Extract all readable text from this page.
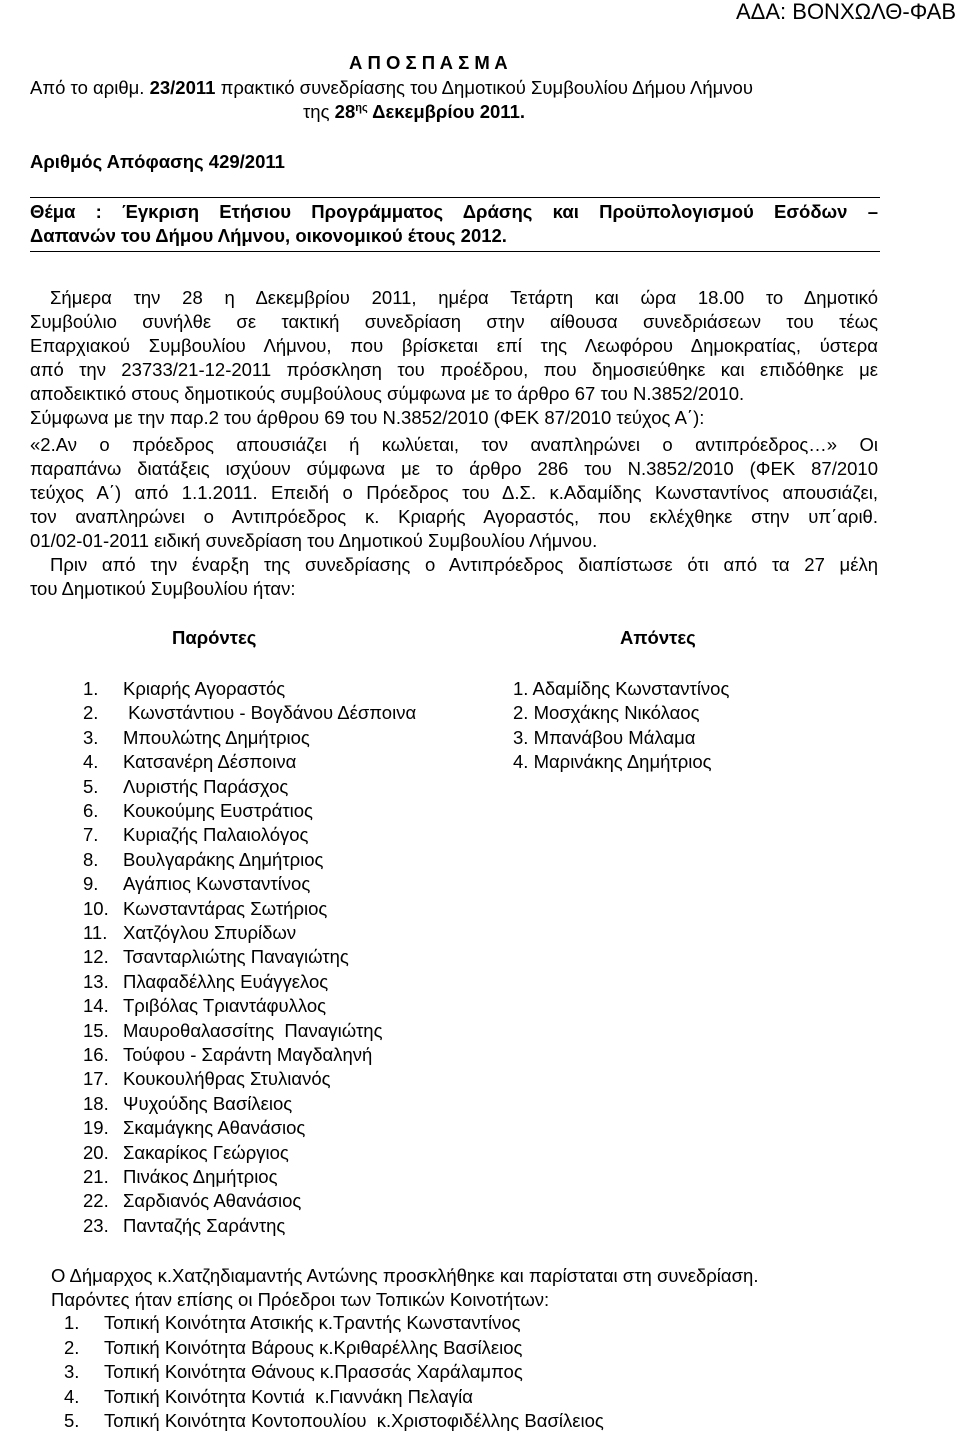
ΑΔΑ: ΒΟΝΧΩΛΘ-ΦΑΒ
Α Π Ο Σ Π Α Σ Μ Α
Από το αριθμ. 23/2011 πρακτικό συνεδρίασης του Δημοτικού Συμβουλίου Δήμου Λήμνου
της $28^{\eta\varsigma}$ Δεκεμβρίου 2011.
Αριθμός Απόφασης 429/2011
Θέμα : Έγκριση Ετήσιου Προγράμματος Δράσης και Προϋπολογισμού Εσόδων –
Δαπανών του Δήμου Λήμνου, οικονομικού έτους 2012.
Σήμερα την 28 η Δεκεμβρίου 2011, ημέρα Τετάρτη και ώρα 18.00 το Δημοτικό
Συμβούλιο συνήλθε σε τακτική συνεδρίαση στην αίθουσα συνεδριάσεων του τέως
Επαρχιακού Συμβουλίου Λήμνου, που βρίσκεται επί της Λεωφόρου Δημοκρατίας, ύστερα
από την 23733/21-12-2011 πρόσκληση του προέδρου, που δημοσιεύθηκε και επιδόθηκε με
αποδεικτικό στους δημοτικούς συμβούλους σύμφωνα με το άρθρο 67 του Ν.3852/2010.
Σύμφωνα με την παρ.2 του άρθρου 69 του Ν.3852/2010 (ΦΕΚ 87/2010 τεύχος Α΄):
«2.Αν ο πρόεδρος απουσιάζει ή κωλύεται, τον αναπληρώνει ο αντιπρόεδρος…» Οι
παραπάνω διατάξεις ισχύουν σύμφωνα με το άρθρο 286 του Ν.3852/2010 (ΦΕΚ 87/2010
τεύχος Α΄) από 1.1.2011. Επειδή ο Πρόεδρος του Δ.Σ. κ.Αδαμίδης Κωνσταντίνος απουσιάζει,
τον αναπληρώνει ο Αντιπρόεδρος κ. Κριαρής Αγοραστός, που εκλέχθηκε στην υπ΄αριθ.
01/02-01-2011 ειδική συνεδρίαση του Δημοτικού Συμβουλίου Λήμνου.
Πριν από την έναρξη της συνεδρίασης ο Αντιπρόεδρος διαπίστωσε ότι από τα 27 μέλη
του Δημοτικού Συμβουλίου ήταν:
Παρόντες	Απόντες
1. Κριαρής Αγοραστός
2. Κωνστάντιου - Βογδάνου Δέσποινα
3. Μπουλώτης Δημήτριος
4. Κατσανέρη Δέσποινα
5. Λυριστής Παράσχος
6. Κουκούμης Ευστράτιος
7. Κυριαζής Παλαιολόγος
8. Βουλγαράκης Δημήτριος
9. Αγάπιος Κωνσταντίνος
10. Κωνσταντάρας Σωτήριος
11. Χατζόγλου Σπυρίδων
12. Τσανταρλιώτης Παναγιώτης
13. Πλαφαδέλλης Ευάγγελος
14. Τριβόλας Τριαντάφυλλος
15. Μαυροθαλασσίτης  Παναγιώτης
16. Τούφου - Σαράντη Μαγδαληνή
17. Κουκουλήθρας Στυλιανός
18. Ψυχούδης Βασίλειος
19. Σκαμάγκης Αθανάσιος
20. Σακαρίκος Γεώργιος
21. Πινάκος Δημήτριος
22. Σαρδιανός Αθανάσιος
23. Πανταζής Σαράντης
1. Αδαμίδης Κωνσταντίνος
2. Μοσχάκης Νικόλαος
3. Μπανάβου Μάλαμα
4. Μαρινάκης Δημήτριος
Ο Δήμαρχος κ.Χατζηδιαμαντής Αντώνης προσκλήθηκε και παρίσταται στη συνεδρίαση.
Παρόντες ήταν επίσης οι Πρόεδροι των Τοπικών Κοινοτήτων:
1. Τοπική Κοινότητα Ατσικής κ.Τραντής Κωνσταντίνος
2. Τοπική Κοινότητα Βάρους κ.Κριθαρέλλης Βασίλειος
3. Τοπική Κοινότητα Θάνους κ.Πρασσάς Χαράλαμπος
4. Τοπική Κοινότητα Κοντιά  κ.Γιαννάκη Πελαγία
5. Τοπική Κοινότητα Κοντοπουλίου  κ.Χριστοφιδέλλης Βασίλειος
